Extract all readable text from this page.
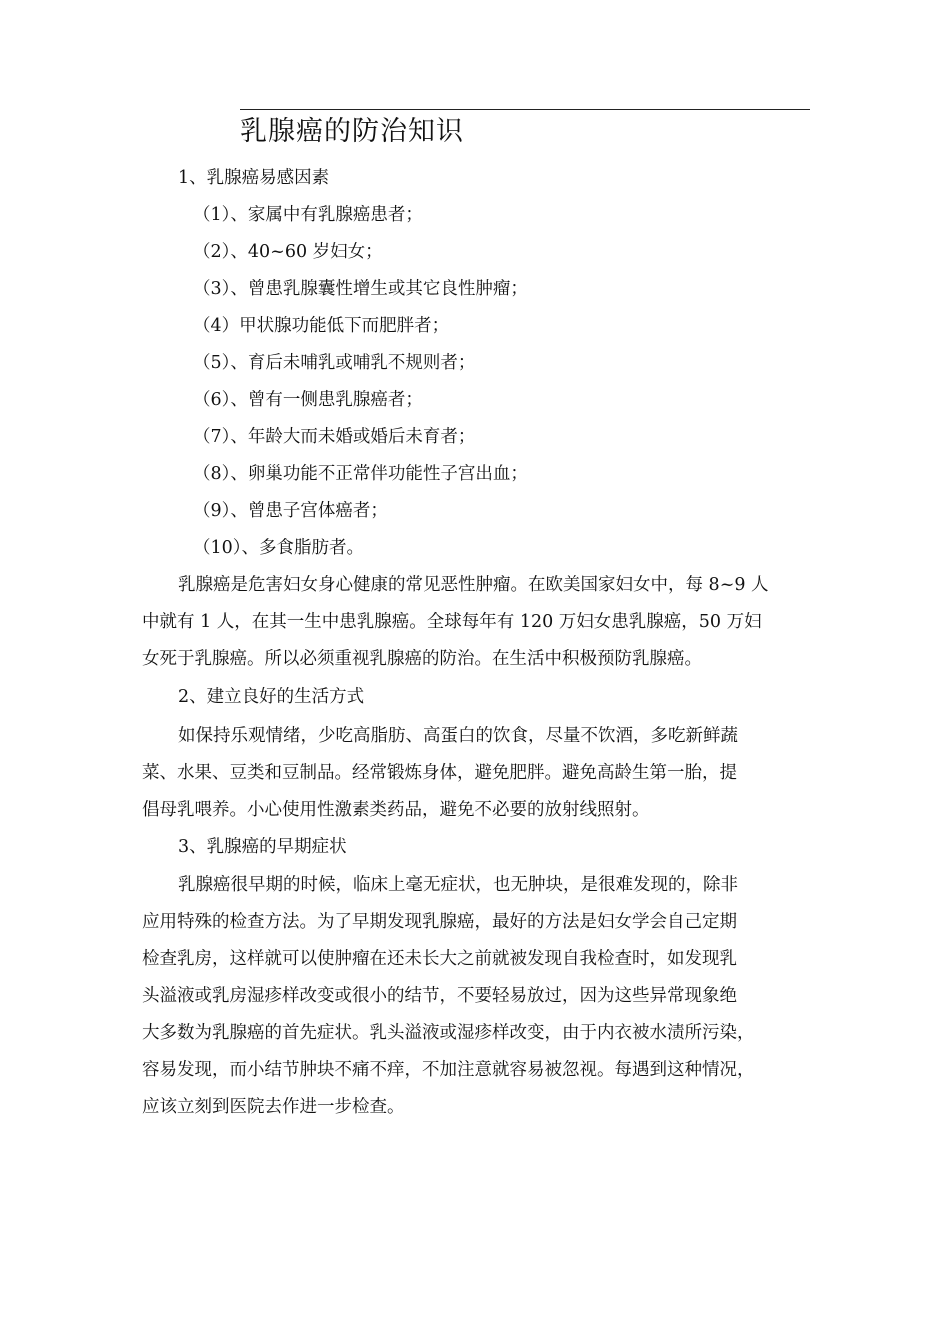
乳腺癌的防治知识
1、乳腺癌易感因素
（1）、家属中有乳腺癌患者；
（2）、40~60 岁妇女；
（3）、曾患乳腺囊性增生或其它良性肿瘤；
（4）甲状腺功能低下而肥胖者；
（5）、育后未哺乳或哺乳不规则者；
（6）、曾有一侧患乳腺癌者；
（7）、年龄大而未婚或婚后未育者；
（8）、卵巢功能不正常伴功能性子宫出血；
（9）、曾患子宫体癌者；
（10）、多食脂肪者。
乳腺癌是危害妇女身心健康的常见恶性肿瘤。在欧美国家妇女中，每 8~9 人
中就有 1 人，在其一生中患乳腺癌。全球每年有 120 万妇女患乳腺癌，50 万妇
女死于乳腺癌。所以必须重视乳腺癌的防治。在生活中积极预防乳腺癌。
2、建立良好的生活方式
如保持乐观情绪，少吃高脂肪、高蛋白的饮食，尽量不饮酒，多吃新鲜蔬
菜、水果、豆类和豆制品。经常锻炼身体，避免肥胖。避免高龄生第一胎，提
倡母乳喂养。小心使用性激素类药品，避免不必要的放射线照射。
3、乳腺癌的早期症状
乳腺癌很早期的时候，临床上毫无症状，也无肿块，是很难发现的，除非
应用特殊的检查方法。为了早期发现乳腺癌，最好的方法是妇女学会自己定期
检查乳房，这样就可以使肿瘤在还未长大之前就被发现自我检查时，如发现乳
头溢液或乳房湿疹样改变或很小的结节，不要轻易放过，因为这些异常现象绝
大多数为乳腺癌的首先症状。乳头溢液或湿疹样改变，由于内衣被水渍所污染，
容易发现，而小结节肿块不痛不痒，不加注意就容易被忽视。每遇到这种情况，
应该立刻到医院去作进一步检查。
